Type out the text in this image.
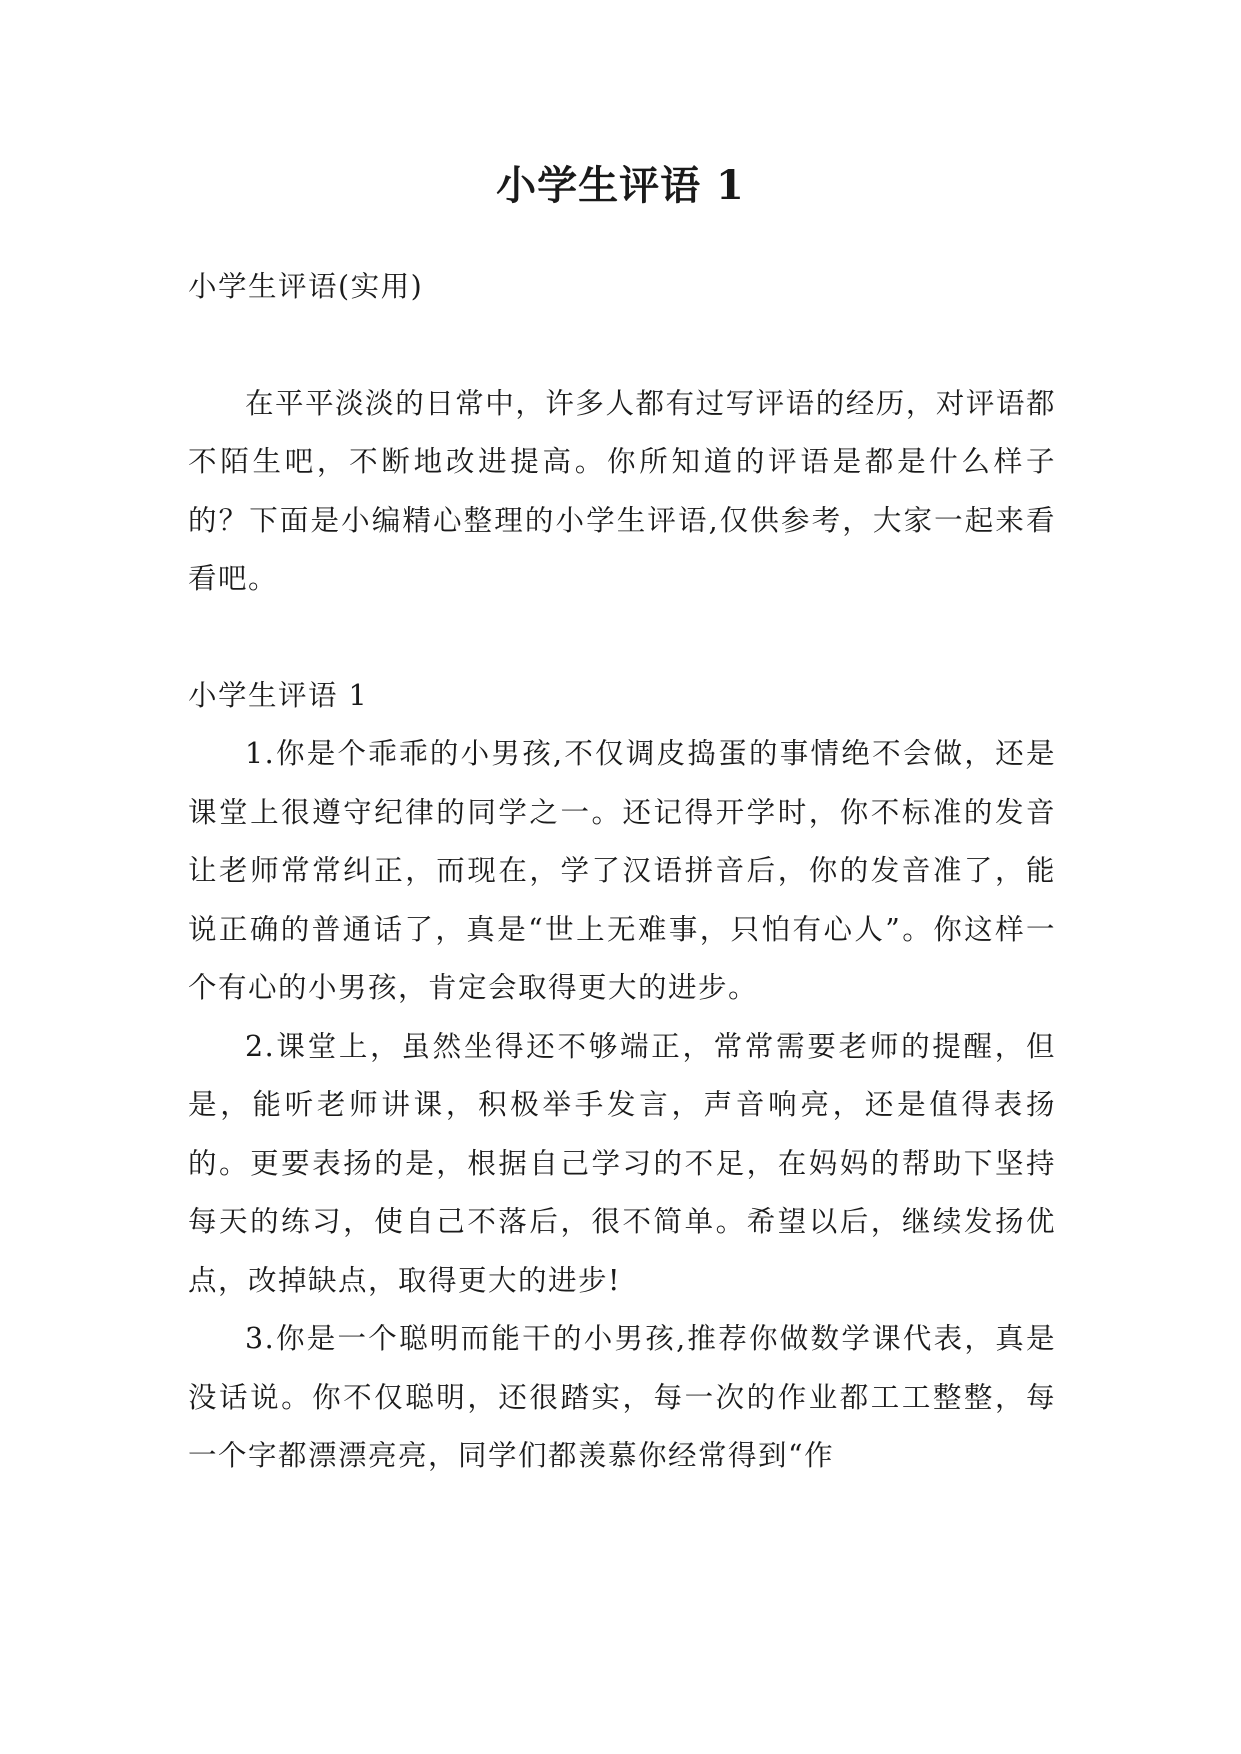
小学生评语 1

小学生评语(实用)

在平平淡淡的日常中，许多人都有过写评语的经历，对评语都不陌生吧，不断地改进提高。你所知道的评语是都是什么样子的？下面是小编精心整理的小学生评语,仅供参考，大家一起来看看吧。

小学生评语 1

1.你是个乖乖的小男孩,不仅调皮捣蛋的事情绝不会做，还是课堂上很遵守纪律的同学之一。还记得开学时，你不标准的发音让老师常常纠正，而现在，学了汉语拼音后，你的发音准了，能说正确的普通话了，真是“世上无难事，只怕有心人”。你这样一个有心的小男孩，肯定会取得更大的进步。

2.课堂上，虽然坐得还不够端正，常常需要老师的提醒，但是，能听老师讲课，积极举手发言，声音响亮，还是值得表扬的。更要表扬的是，根据自己学习的不足，在妈妈的帮助下坚持每天的练习，使自己不落后，很不简单。希望以后，继续发扬优点，改掉缺点，取得更大的进步!

3.你是一个聪明而能干的小男孩,推荐你做数学课代表，真是没话说。你不仅聪明，还很踏实，每一次的作业都工工整整，每一个字都漂漂亮亮，同学们都羡慕你经常得到“作
